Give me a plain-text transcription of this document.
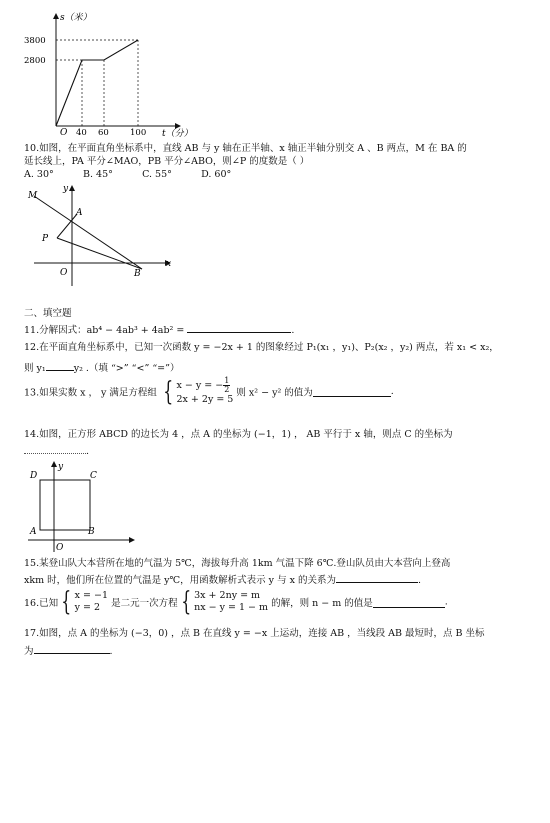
s（米）
3800
2800
O 40 60 100 t（分）
10.如图，在平面直角坐标系中，直线 AB 与 y 轴在正半轴、x 轴正半轴分别交 A 、B 两点，M 在 BA 的
延长线上，PA 平分∠MAO，PB 平分∠ABO，则∠P 的度数是（ ）
A. 30°	B. 45°	C. 55°	D. 60°
M
y
A
P
O	B
x
二、填空题
11.分解因式：ab⁴ − 4ab³ + 4ab² =	.
12.在平面直角坐标系中，已知一次函数 y = −2x + 1 的图象经过 P₁(x₁ ，y₁)、P₂(x₂ ，y₂) 两点，若 x₁ < x₂，
则 y₁	y₂ .（填 “>” “<” “=”）
13.如果实数 x ， y 满足方程组 { x − y = − $\frac{1}{2}$
2x + 2y = 5
则 x² − y² 的值为	.
14.如图，正方形 ABCD 的边长为 4 ，点 A 的坐标为 (−1，1) ， AB 平行于 x 轴，则点 C 的坐标为
.
D
y
C
A	B
O
15.某登山队大本营所在地的气温为 5℃，海拔每升高 1km 气温下降 6℃.登山队员由大本营向上登高
xkm 时，他们所在位置的气温是 y℃，用函数解析式表示 y 与 x 的关系为	.
16.已知 { x = −1
y = 2	是二元一次方程 { 3x + 2ny = m
nx − y = 1 − m 的解，则 n − m 的值是	.
17.如图，点 A 的坐标为 (−3，0) ，点 B 在直线 y = −x 上运动，连接 AB ，当线段 AB 最短时，点 B 坐标
为	.
